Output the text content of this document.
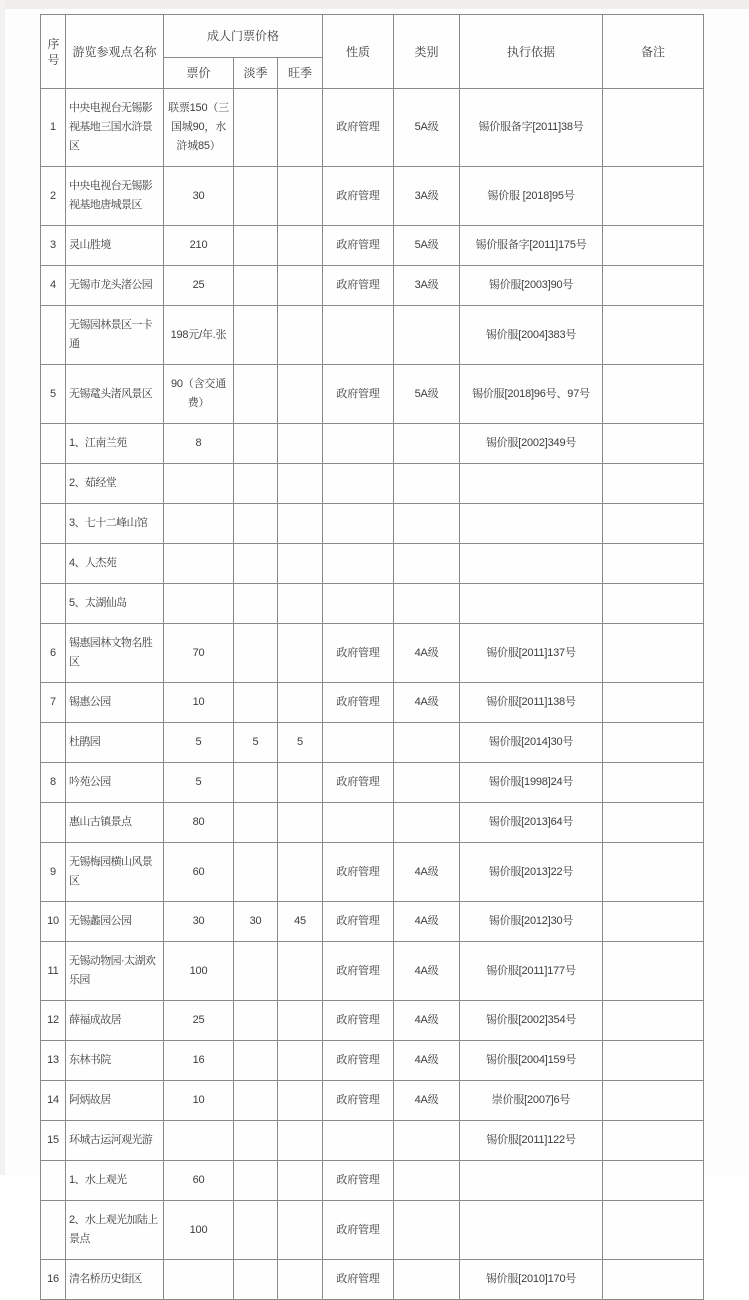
序号	游览参观点名称	成人门票价格			性质	类别	执行依据	备注
		票价	淡季	旺季				
1	中央电视台无锡影视基地三国水浒景区	联票150（三国城90，水浒城85）			政府管理	5A级	锡价服备字[2011]38号	
2	中央电视台无锡影视基地唐城景区	30			政府管理	3A级	锡价服 [2018]95号	
3	灵山胜境	210			政府管理	5A级	锡价服备字[2011]175号	
4	无锡市龙头渚公园	25			政府管理	3A级	锡价服[2003]90号	
	无锡园林景区一卡通	198元/年.张					锡价服[2004]383号	
5	无锡鼋头渚风景区	90（含交通费）			政府管理	5A级	锡价服[2018]96号、97号	
	1、江南兰苑	8					锡价服[2002]349号	
	2、茹经堂							
	3、七十二峰山馆							
	4、人杰苑							
	5、太湖仙岛							
6	锡惠园林文物名胜区	70			政府管理	4A级	锡价服[2011]137号	
7	锡惠公园	10			政府管理	4A级	锡价服[2011]138号	
	杜鹃园	5	5	5			锡价服[2014]30号	
8	吟苑公园	5			政府管理		锡价服[1998]24号	
	惠山古镇景点	80					锡价服[2013]64号	
9	无锡梅园横山风景区	60			政府管理	4A级	锡价服[2013]22号	
10	无锡蠡园公园	30	30	45	政府管理	4A级	锡价服[2012]30号	
11	无锡动物园·太湖欢乐园	100			政府管理	4A级	锡价服[2011]177号	
12	薛福成故居	25			政府管理	4A级	锡价服[2002]354号	
13	东林书院	16			政府管理	4A级	锡价服[2004]159号	
14	阿炳故居	10			政府管理	4A级	崇价服[2007]6号	
15	环城古运河观光游						锡价服[2011]122号	
	1、水上观光	60			政府管理			
	2、水上观光加陆上景点	100			政府管理			
16	清名桥历史街区				政府管理		锡价服[2010]170号	
